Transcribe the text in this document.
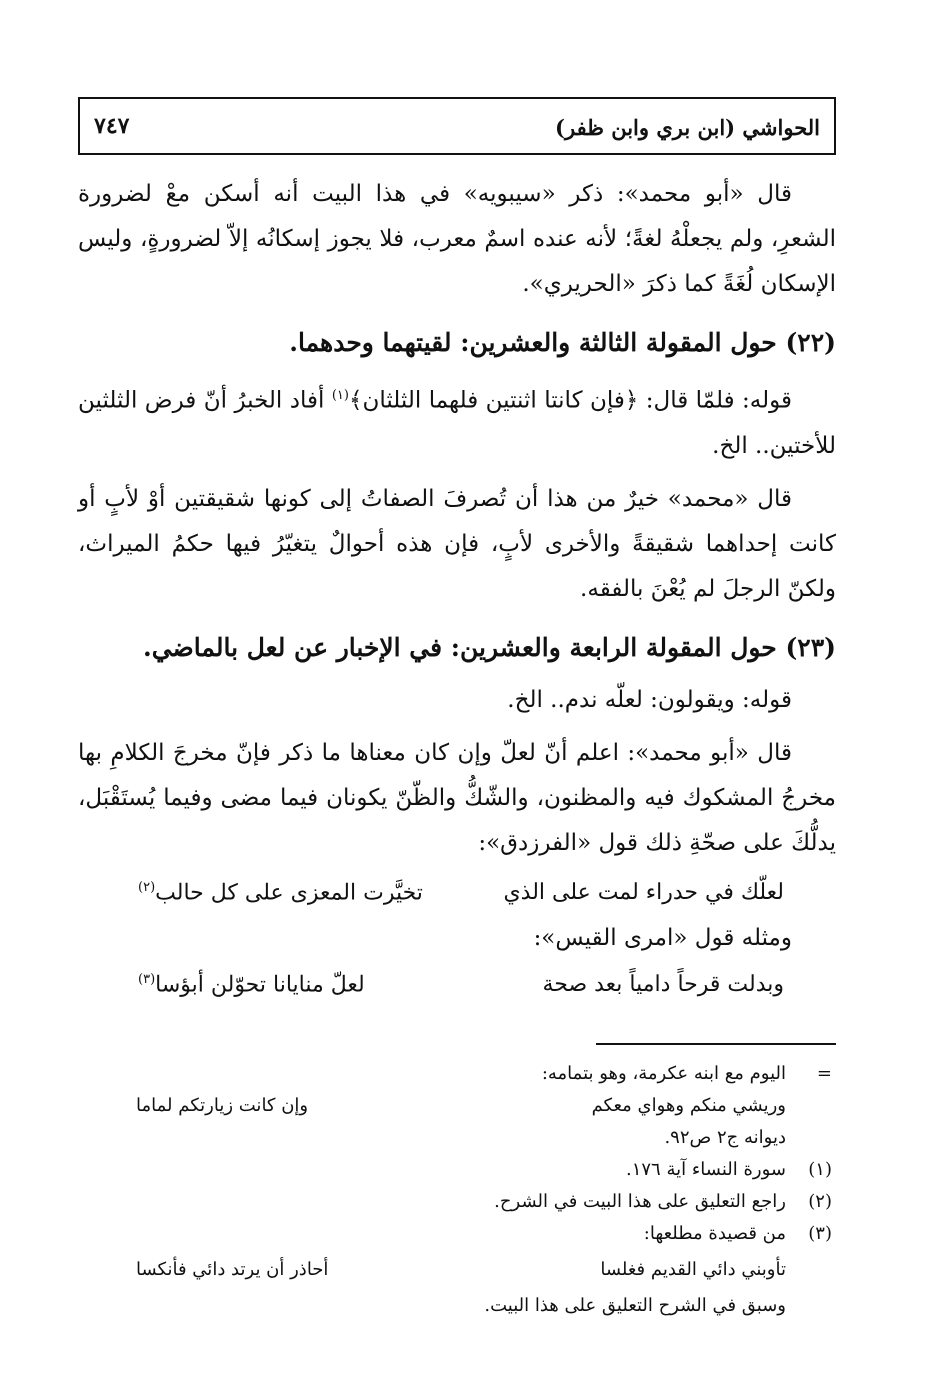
الحواشي (ابن بري وابن ظفر)
٧٤٧

قال «أبو محمد»: ذكر «سيبويه» في هذا البيت أنه أسكن معْ لضرورة الشعرِ، ولم يجعلْهُ لغةً؛ لأنه عنده اسمٌ معرب، فلا يجوز إسكانُه إلاّ لضرورةٍ، وليس الإسكان لُغَةً كما ذكرَ «الحريري».

(٢٢) حول المقولة الثالثة والعشرين: لقيتهما وحدهما.

قوله: فلمّا قال: ﴿فإن كانتا اثنتين فلهما الثلثان﴾$^{(١)}$ أفاد الخبرُ أنّ فرض الثلثين للأختين.. الخ.

قال «محمد» خيرٌ من هذا أن تُصرفَ الصفاتُ إلى كونها شقيقتين أوْ لأبٍ أو كانت إحداهما شقيقةً والأخرى لأبٍ، فإن هذه أحوالٌ يتغيّرُ فيها حكمُ الميراث، ولكنّ الرجلَ لم يُعْنَ بالفقه.

(٢٣) حول المقولة الرابعة والعشرين: في الإخبار عن لعل بالماضي.

قوله: ويقولون: لعلّه ندم.. الخ.

قال «أبو محمد»: اعلم أنّ لعلّ وإن كان معناها ما ذكر فإنّ مخرجَ الكلامِ بها مخرجُ المشكوك فيه والمظنون، والشّكُّ والظّنّ يكونان فيما مضى وفيما يُستَقْبَل، يدلُّكَ على صحّةِ ذلك قول «الفرزدق»:

لعلّك في حدراء لمت على الذي
تخيَّرت المعزى على كل حالب$^{(٢)}$

ومثله قول «امرى القيس»:

وبدلت قرحاً دامياً بعد صحة
لعلّ منايانا تحوّلن أبؤسا$^{(٣)}$
=
اليوم مع ابنه عكرمة، وهو بتمامه:
وريشي منكم وهواي معكم
وإن كانت زيارتكم لماما
ديوانه ج٢ ص٩٢.
(١)
سورة النساء آية ١٧٦.
(٢)
راجع التعليق على هذا البيت في الشرح.
(٣)
من قصيدة مطلعها:
تأوبني دائي القديم فغلسا
أحاذر أن يرتد دائي فأنكسا
وسبق في الشرح التعليق على هذا البيت.
